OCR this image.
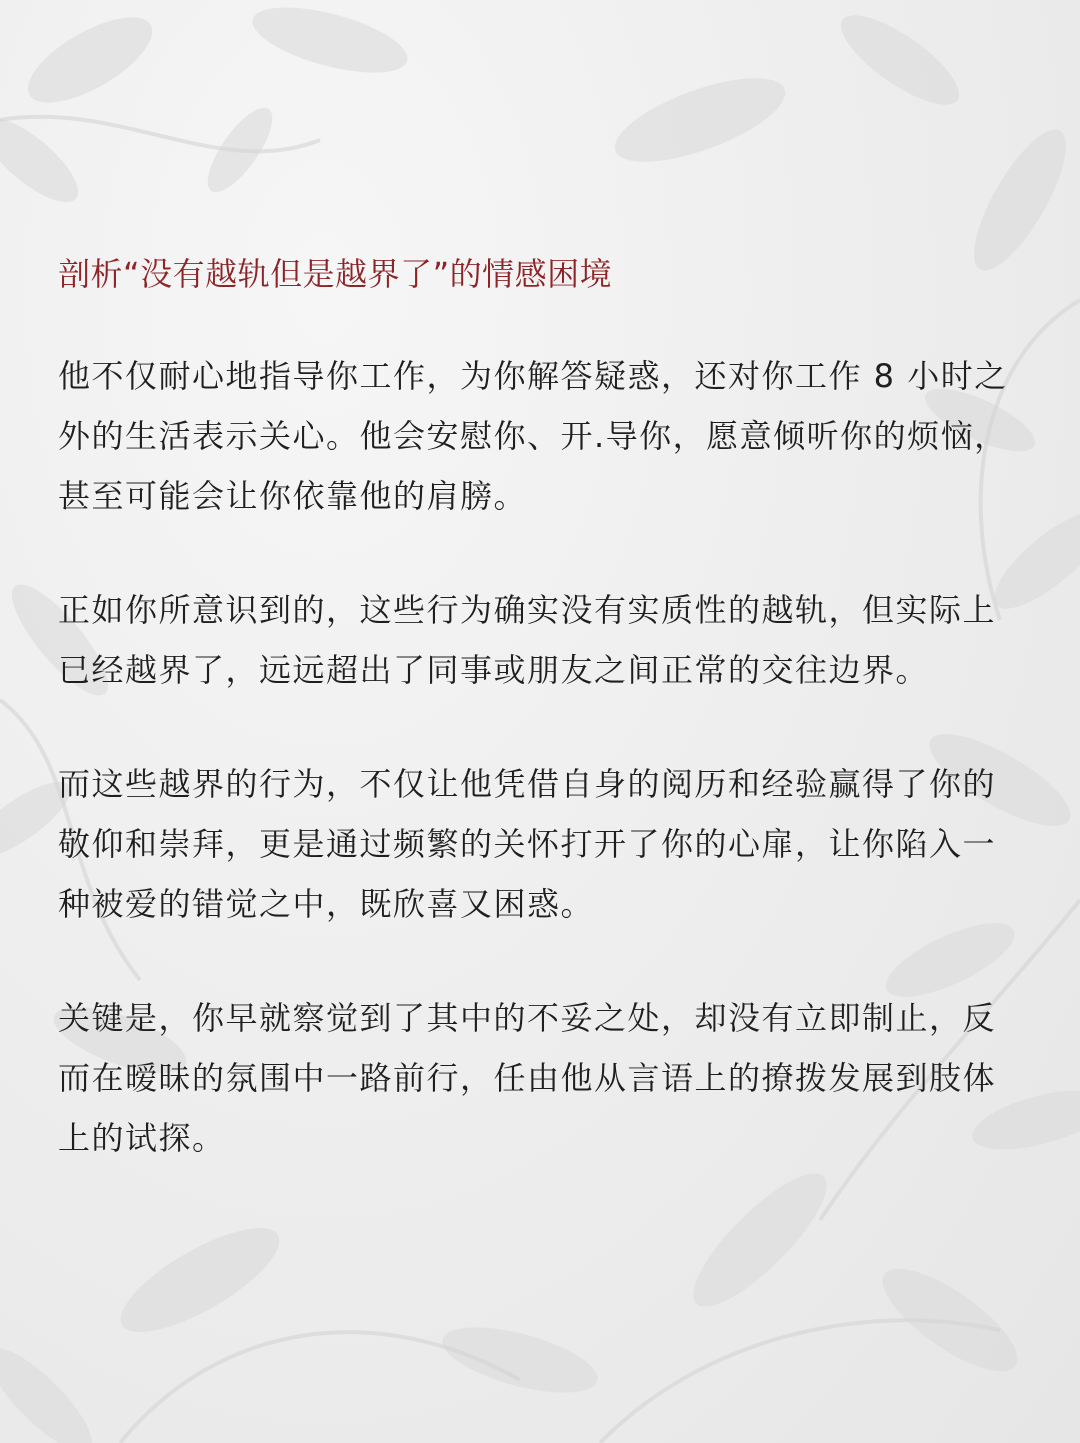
剖析“没有越轨但是越界了”的情感困境

他不仅耐心地指导你工作，为你解答疑惑，还对你工作 8 小时之外的生活表示关心。他会安慰你、开.导你，愿意倾听你的烦恼，甚至可能会让你依靠他的肩膀。

正如你所意识到的，这些行为确实没有实质性的越轨，但实际上已经越界了，远远超出了同事或朋友之间正常的交往边界。

而这些越界的行为，不仅让他凭借自身的阅历和经验赢得了你的敬仰和崇拜，更是通过频繁的关怀打开了你的心扉，让你陷入一种被爱的错觉之中，既欣喜又困惑。

关键是，你早就察觉到了其中的不妥之处，却没有立即制止，反而在暧昧的氛围中一路前行，任由他从言语上的撩拨发展到肢体上的试探。
